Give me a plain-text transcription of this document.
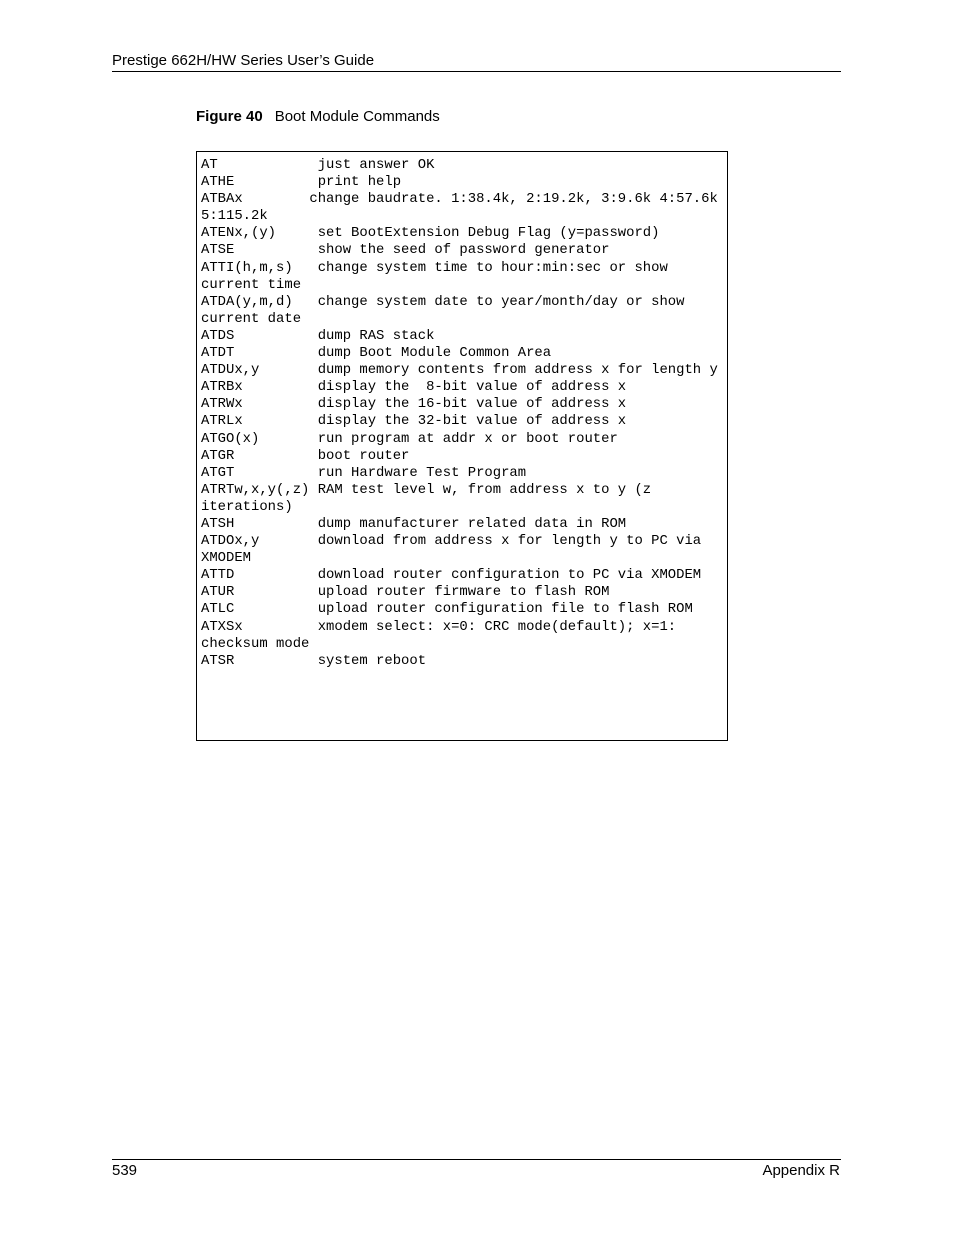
Prestige 662H/HW Series User’s Guide
Figure 40 Boot Module Commands
AT            just answer OK
ATHE          print help
ATBAx        change baudrate. 1:38.4k, 2:19.2k, 3:9.6k 4:57.6k
5:115.2k
ATENx,(y)     set BootExtension Debug Flag (y=password)
ATSE          show the seed of password generator
ATTI(h,m,s)   change system time to hour:min:sec or show
current time
ATDA(y,m,d)   change system date to year/month/day or show
current date
ATDS          dump RAS stack
ATDT          dump Boot Module Common Area
ATDUx,y       dump memory contents from address x for length y
ATRBx         display the  8-bit value of address x
ATRWx         display the 16-bit value of address x
ATRLx         display the 32-bit value of address x
ATGO(x)       run program at addr x or boot router
ATGR          boot router
ATGT          run Hardware Test Program
ATRTw,x,y(,z) RAM test level w, from address x to y (z
iterations)
ATSH          dump manufacturer related data in ROM
ATDOx,y       download from address x for length y to PC via
XMODEM
ATTD          download router configuration to PC via XMODEM
ATUR          upload router firmware to flash ROM
ATLC          upload router configuration file to flash ROM
ATXSx         xmodem select: x=0: CRC mode(default); x=1:
checksum mode
ATSR          system reboot
539	Appendix R
